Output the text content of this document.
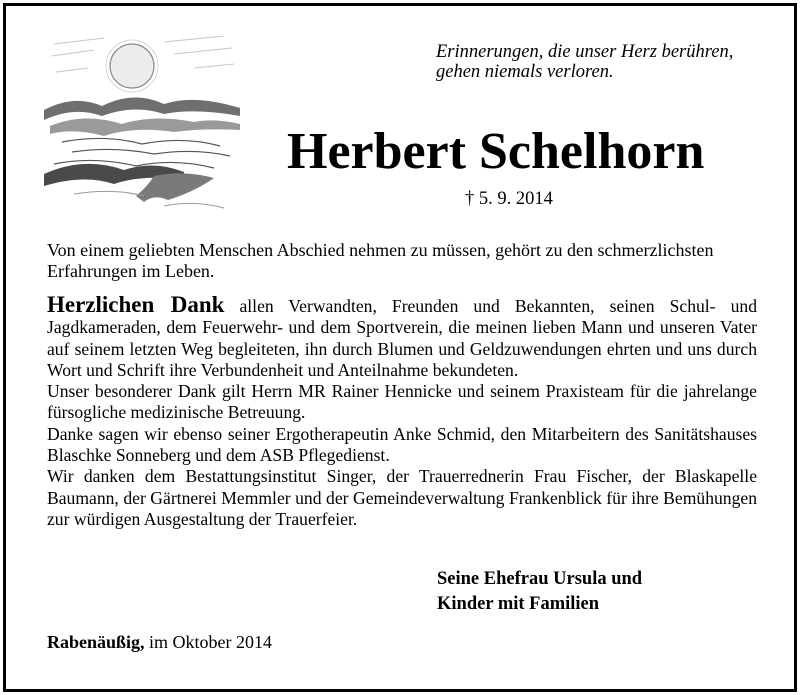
Erinnerungen, die unser Herz berühren,
gehen niemals verloren.
Herbert Schelhorn
† 5. 9. 2014
Von einem geliebten Menschen Abschied nehmen zu müssen, gehört zu den schmerzlichsten Erfahrungen im Leben.

Herzlichen Dank allen Verwandten, Freunden und Bekannten, seinen Schul- und Jagdkameraden, dem Feuerwehr- und dem Sportverein, die meinen lieben Mann und unseren Vater auf seinem letzten Weg begleiteten, ihn durch Blumen und Geldzuwendungen ehrten und uns durch Wort und Schrift ihre Verbundenheit und Anteilnahme bekundeten.

Unser besonderer Dank gilt Herrn MR Rainer Hennicke und seinem Praxisteam für die jahrelange fürsogliche medizinische Betreuung.

Danke sagen wir ebenso seiner Ergotherapeutin Anke Schmid, den Mitarbeitern des Sanitätshauses Blaschke Sonneberg und dem ASB Pflegedienst.

Wir danken dem Bestattungsinstitut Singer, der Trauerrednerin Frau Fischer, der Blaskapelle Baumann, der Gärtnerei Memmler und der Gemeindeverwaltung Frankenblick für ihre Bemühungen zur würdigen Ausgestaltung der Trauerfeier.

Seine Ehefrau Ursula und
Kinder mit Familien
Rabenäußig, im Oktober 2014
